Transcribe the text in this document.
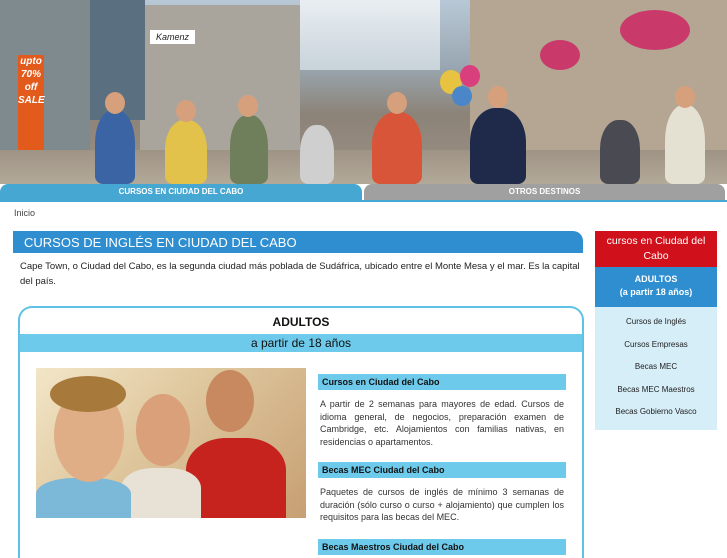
Kamenz
upto 70% off SALE
CURSOS EN CIUDAD DEL CABO	OTROS DESTINOS
Inicio
CURSOS DE INGLÉS EN CIUDAD DEL CABO
Cape Town, o Ciudad del Cabo, es la segunda ciudad más poblada de Sudáfrica, ubicado entre el Monte Mesa y el mar. Es la capital del país.
ADULTOS
a partir de 18 años
Cursos en Ciudad del Cabo
A partir de 2 semanas para mayores de edad. Cursos de idioma general, de negocios, preparación examen de Cambridge, etc. Alojamientos con familias nativas, en residencias o apartamentos.
Becas MEC Ciudad del Cabo
Paquetes de cursos de inglés de mínimo 3 semanas de duración (sólo curso o curso + alojamiento) que cumplen los requisitos para las becas del MEC.
Becas Maestros Ciudad del Cabo
cursos en Ciudad del Cabo
ADULTOS
(a partir 18 años)
Cursos de Inglés
Cursos Empresas
Becas MEC
Becas MEC Maestros
Becas Gobierno Vasco
